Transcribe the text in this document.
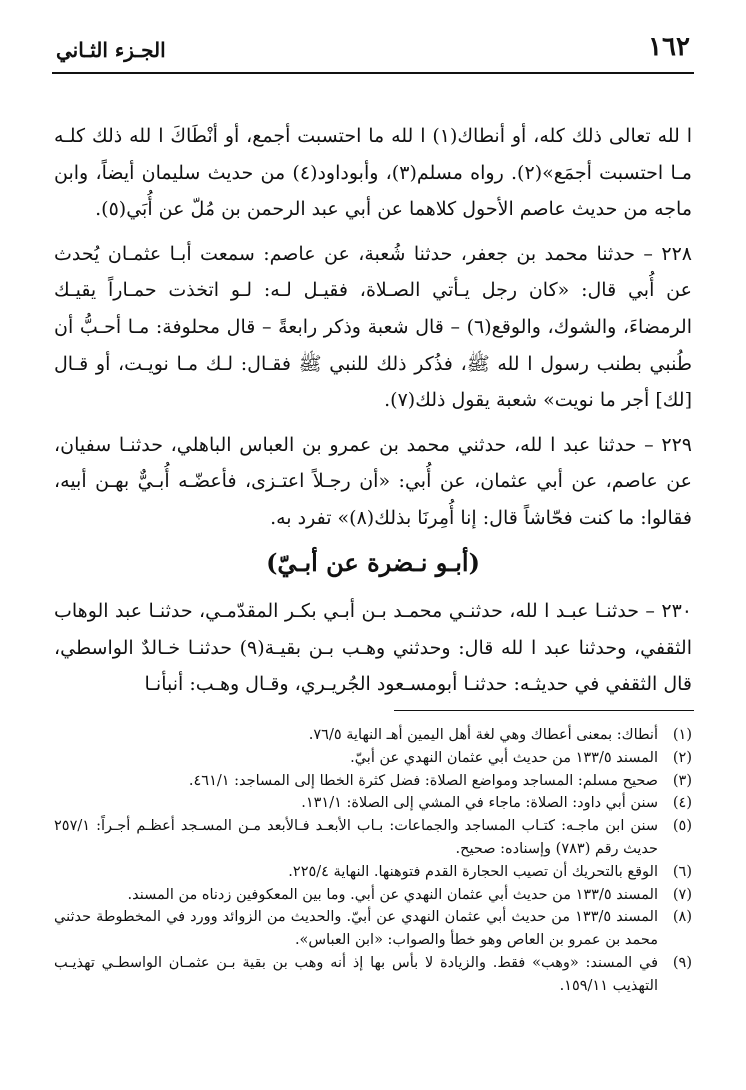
١٦٢
الجـزء الثـاني

ا لله تعالى ذلك كله، أو أنطاك(١) ا لله ما احتسبت أجمع، أو أنْطَاكَ ا لله ذلك كلـه مـا احتسبت أجمَع»(٢). رواه مسلم(٣)، وأبوداود(٤) من حديث سليمان أيضاً، وابن ماجه من حديث عاصم الأحول كلاهما عن أبي عبد الرحمن بن مُلّ عن أُبَي(٥).

٢٢٨ – حدثنا محمد بن جعفر، حدثنا شُعبة، عن عاصم: سمعت أبـا عثمـان يُحدث عن أُبي قال: «كان رجل يـأتي الصـلاة، فقيـل لـه: لـو اتخذت حمـاراً يقيـك الرمضاءَ، والشوك، والوقع(٦) – قال شعبة وذكر رابعةً – قال محلوفة: مـا أحـبُّ أن طُنبي بطنب رسول ا لله ﷺ، فذُكر ذلك للنبي ﷺ فقـال: لـك مـا نويـت، أو قـال [لك] أجر ما نويت» شعبة يقول ذلك(٧).

٢٢٩ – حدثنا عبد ا لله، حدثني محمد بن عمرو بن العباس الباهلي، حدثنـا سفيان، عن عاصم، عن أبي عثمان، عن أُبي: «أن رجـلاً اعتـزى، فأعضّـه أُبـيٌّ بهـن أبيه، فقالوا: ما كنت فحّاشاً قال: إنا أُمِرنَا بذلك(٨)» تفرد به.

(أبـو نـضرة عن أبـيّ)

٢٣٠ – حدثنـا عبـد ا لله، حدثنـي محمـد بـن أبـي بكـر المقدّمـي، حدثنـا عبد الوهاب الثقفي، وحدثنا عبد ا لله قال: وحدثني وهـب بـن بقيـة(٩) حدثنـا خـالدٌ الواسطي، قال الثقفي في حديثـه: حدثنـا أبومسـعود الجُريـري، وقـال وهـب: أنبأنـا

(١)
أنطاك: بمعنى أعطاك وهي لغة أهل اليمين أهـ النهاية ٧٦/٥.
(٢)
المسند ١٣٣/٥ من حديث أبي عثمان النهدي عن أبيّ.
(٣)
صحيح مسلم: المساجد ومواضع الصلاة: فضل كثرة الخطا إلى المساجد: ٤٦١/١.
(٤)
سنن أبي داود: الصلاة: ماجاء في المشي إلى الصلاة: ١٣١/١.
(٥)
سنن ابن ماجـه: كتـاب المساجد والجماعات: بـاب الأبعـد فـالأبعد مـن المسـجد أعظـم أجـراً: ٢٥٧/١ حديث رقم (٧٨٣) وإسناده: صحيح.
(٦)
الوقع بالتحريك أن تصيب الحجارة القدم فتوهنها. النهاية ٢٢٥/٤.
(٧)
المسند ١٣٣/٥ من حديث أبي عثمان النهدي عن أبي. وما بين المعكوفين زدناه من المسند.
(٨)
المسند ١٣٣/٥ من حديث أبي عثمان النهدي عن أبيّ. والحديث من الزوائد وورد في المخطوطة حدثني محمد بن عمرو بن العاص وهو خطأ والصواب: «ابن العباس».
(٩)
في المسند: «وهب» فقط. والزيادة لا بأس بها إذ أنه وهب بن بقية بـن عثمـان الواسطـي تهذيـب التهذيب ١٥٩/١١.
